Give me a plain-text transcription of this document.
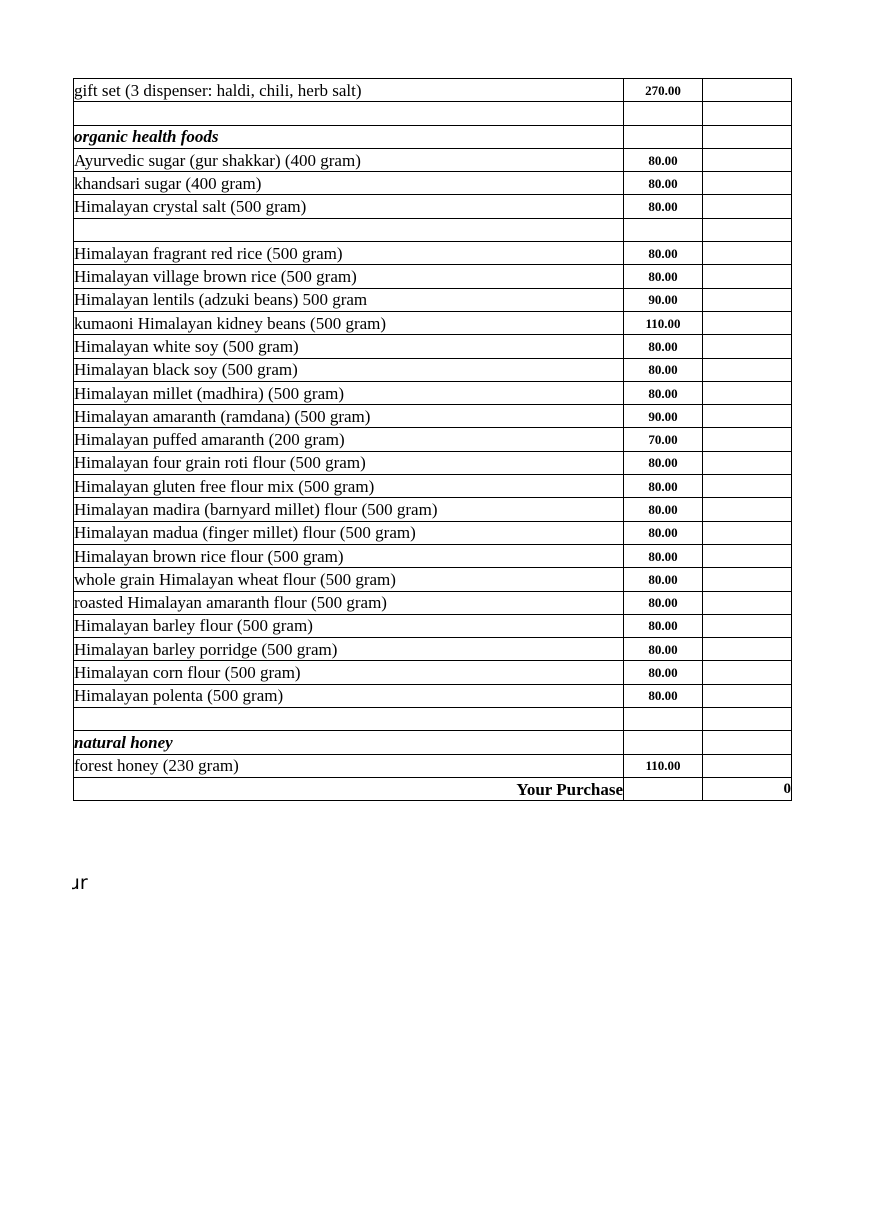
gift set (3 dispenser: haldi, chili, herb salt)	270.00	

organic health foods		
Ayurvedic sugar (gur shakkar) (400 gram)	80.00	
khandsari sugar (400 gram)	80.00	
Himalayan crystal salt (500 gram)	80.00	

Himalayan fragrant red rice (500 gram)	80.00	
Himalayan village brown rice (500 gram)	80.00	
Himalayan lentils (adzuki beans) 500 gram	90.00	
kumaoni Himalayan kidney beans (500 gram)	110.00	
Himalayan white soy (500 gram)	80.00	
Himalayan black soy (500 gram)	80.00	
Himalayan millet (madhira) (500 gram)	80.00	
Himalayan amaranth (ramdana) (500 gram)	90.00	
Himalayan puffed amaranth (200 gram)	70.00	
Himalayan four grain roti flour (500 gram)	80.00	
Himalayan gluten free flour mix (500 gram)	80.00	
Himalayan madira (barnyard millet) flour (500 gram)	80.00	
Himalayan madua (finger millet) flour (500 gram)	80.00	
Himalayan brown rice flour (500 gram)	80.00	
whole grain Himalayan wheat flour (500 gram)	80.00	
roasted Himalayan amaranth flour (500 gram)	80.00	
Himalayan barley flour (500 gram)	80.00	
Himalayan barley porridge (500 gram)	80.00	
Himalayan corn flour (500 gram)	80.00	
Himalayan polenta (500 gram)	80.00	

natural honey		
forest honey (230 gram)	110.00	
Your Purchase		0
ɹr
